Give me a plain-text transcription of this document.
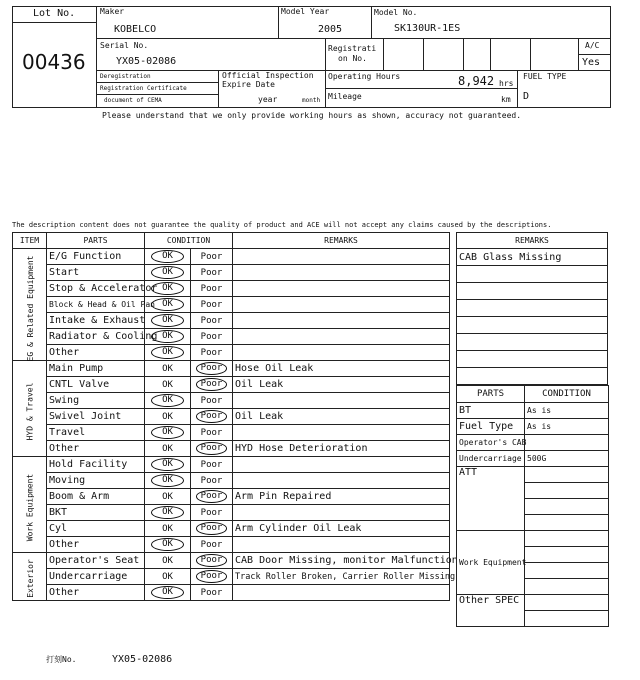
Lot No.
00436
Maker
KOBELCO
Model Year
2005
Model No.
SK130UR-1ES
Serial No.
YX05-02086
Registrati
on No.
A/C
Yes
Deregistration
Registration Certificate
document of CEMA
Official Inspection
Expire Date
year	month
Operating Hours	8,942 hrs
Mileage	km
FUEL TYPE
D
Please understand that we only provide working hours as shown, accuracy not guaranteed.
The description content does not guarantee the quality of product and ACE will not accept any claims caused by the descriptions.
ITEM	PARTS	CONDITION		REMARKS

EG & Related Equipment	E/G Function	OK	Poor	
	Start	OK	Poor	
	Stop & Accelerator	OK	Poor	
	Block & Head & Oil Pan	OK	Poor	
	Intake & Exhaust	OK	Poor	
	Radiator & Cooling	OK	Poor	
	Other	OK	Poor	

HYD & Travel	Main Pump	OK	Poor	Hose Oil Leak
	CNTL Valve	OK	Poor	Oil Leak
	Swing	OK	Poor	
	Swivel Joint	OK	Poor	Oil Leak
	Travel	OK	Poor	
	Other	OK	Poor	HYD Hose Deterioration

Work Equipment	Hold Facility	OK	Poor	
	Moving	OK	Poor	
	Boom & Arm	OK	Poor	Arm Pin Repaired
	BKT	OK	Poor	
	Cyl	OK	Poor	Arm Cylinder Oil Leak
	Other	OK	Poor	

Exterior	Operator's Seat	OK	Poor	CAB Door Missing, monitor Malfunction
	Undercarriage	OK	Poor	Track Roller Broken, Carrier Roller Missing
	Other	OK	Poor	
REMARKS
CAB Glass Missing

PARTS	CONDITION
BT	As is
Fuel Type	As is
Operator's CAB	
Undercarriage	500G
ATT	

Work Equipment	

Other SPEC	

打刻No.	YX05-02086
